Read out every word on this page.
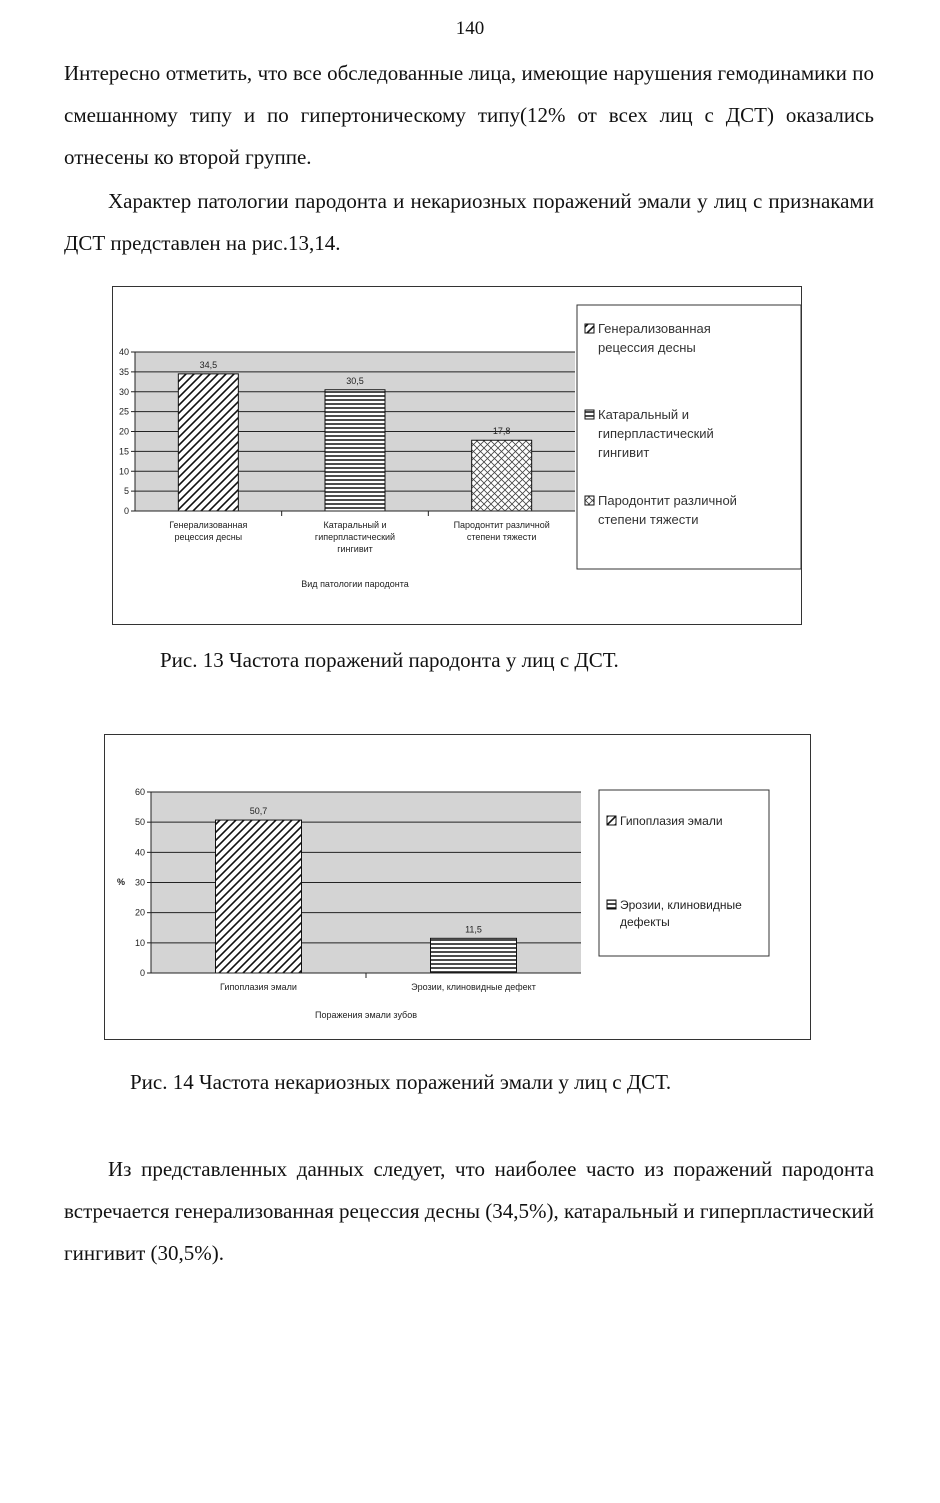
140
Интересно отметить, что все обследованные лица, имеющие нарушения гемодинамики по смешанному типу и по гипертоническому типу(12% от всех лиц с ДСТ) оказались отнесены ко второй группе.
Характер патологии пародонта и некариозных поражений эмали у лиц с признаками ДСТ представлен на рис.13,14.
0
5
10
15
20
25
30
35
40
34,5
Генерализованная рецессия десны
30,5
Катаральный и гиперпластический гингивит
17,8
Пародонтит различной степени тяжести
Вид патологии пародонта
Генерализованная рецессия десны
Катаральный и гиперпластический гингивит
Пародонтит различной степени тяжести
Рис. 13 Частота поражений пародонта у лиц с ДСТ.
0
10
20
30
40
50
60
50,7
Гипоплазия эмали
11,5
Эрозии, клиновидные дефект
Поражения эмали зубов
%
Гипоплазия эмали
Эрозии, клиновидные дефекты
Рис. 14 Частота некариозных поражений эмали у лиц с ДСТ.
Из представленных данных следует, что наиболее часто из поражений пародонта встречается генерализованная рецессия десны (34,5%), катаральный и гиперпластический гингивит (30,5%).
